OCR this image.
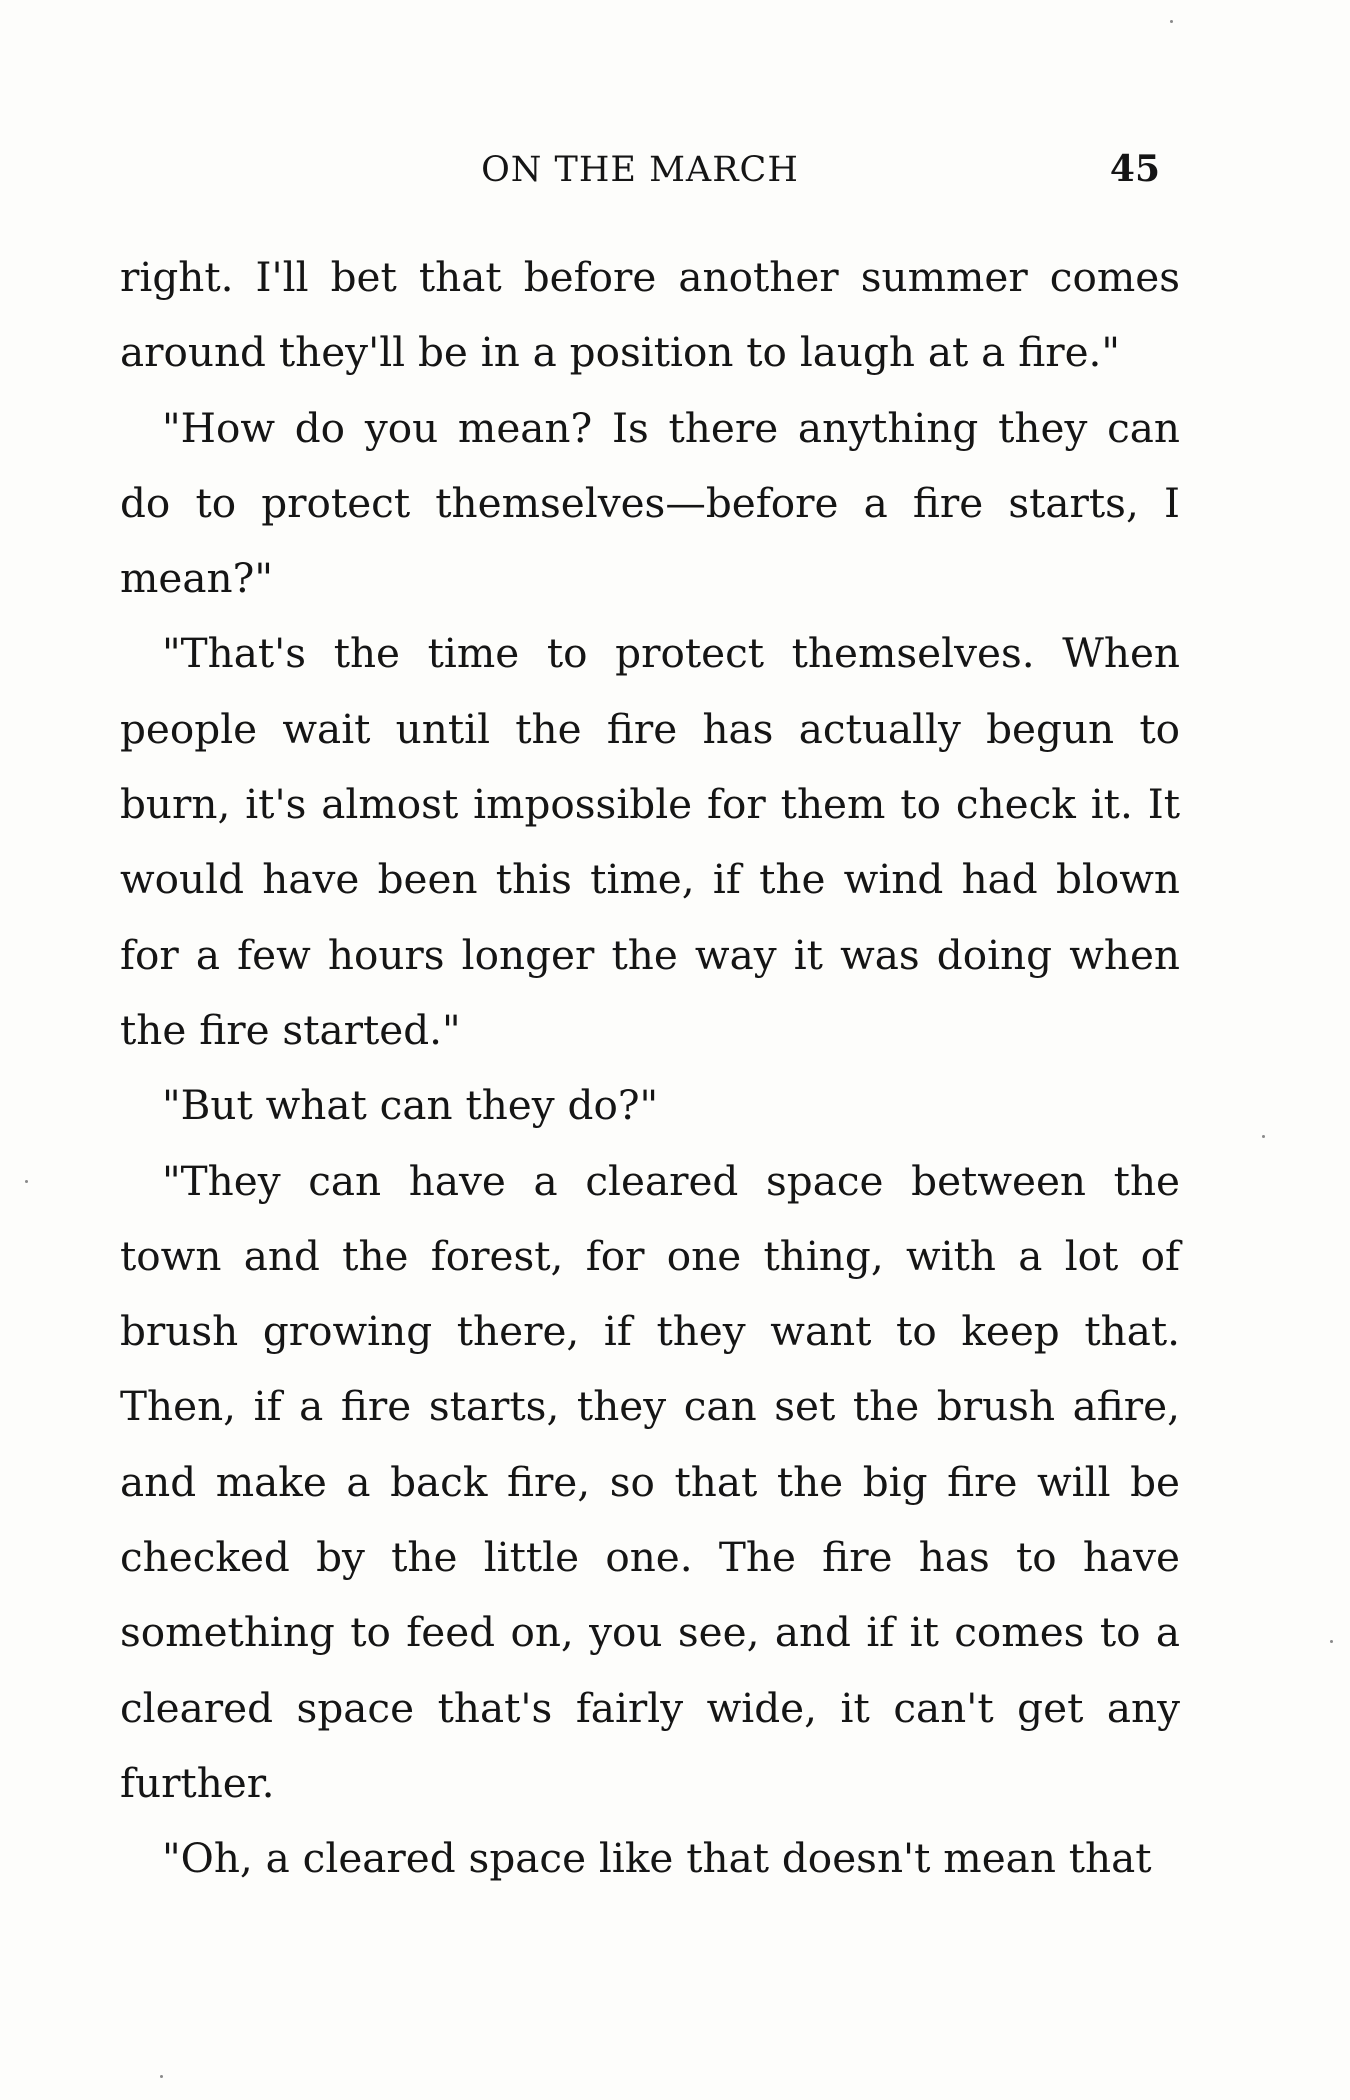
ON THE MARCH	45

right. I'll bet that before another summer comes around they'll be in a position to laugh at a fire."

"How do you mean? Is there anything they can do to protect themselves—before a fire starts, I mean?"

"That's the time to protect themselves. When people wait until the fire has actually begun to burn, it's almost impossible for them to check it. It would have been this time, if the wind had blown for a few hours longer the way it was doing when the fire started."

"But what can they do?"

"They can have a cleared space between the town and the forest, for one thing, with a lot of brush growing there, if they want to keep that. Then, if a fire starts, they can set the brush afire, and make a back fire, so that the big fire will be checked by the little one. The fire has to have something to feed on, you see, and if it comes to a cleared space that's fairly wide, it can't get any further.

"Oh, a cleared space like that doesn't mean that
